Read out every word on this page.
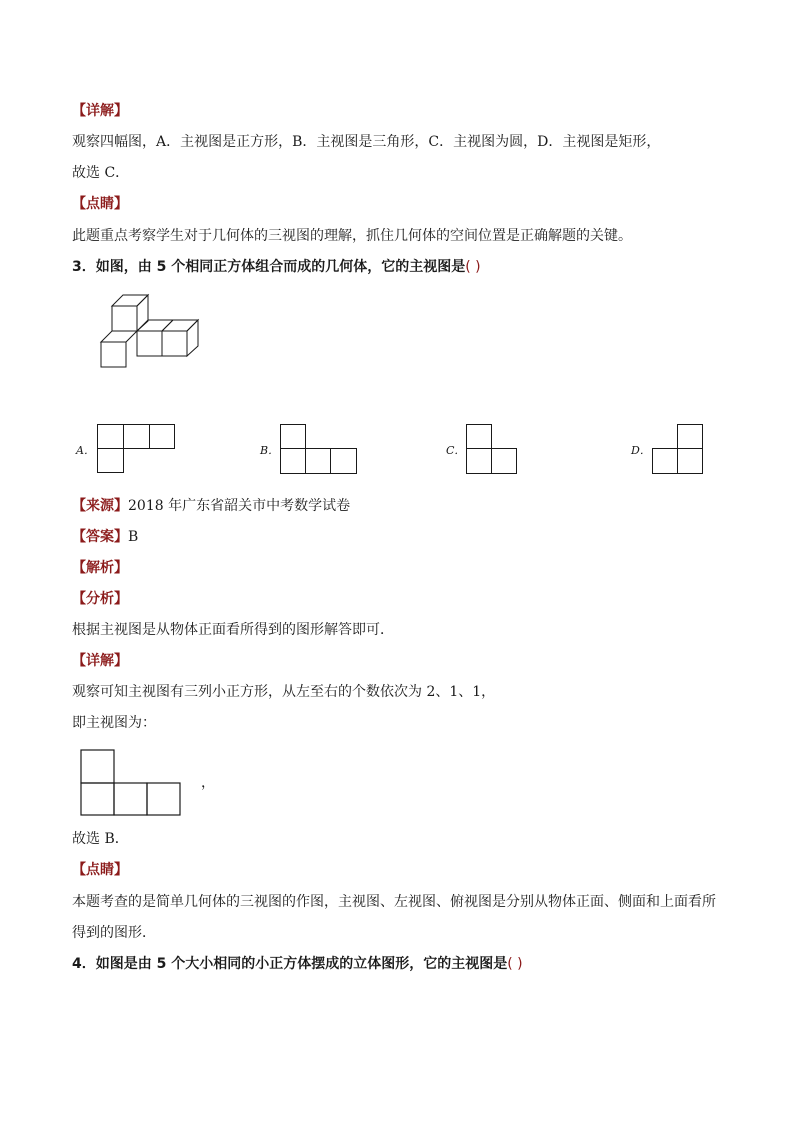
【详解】
观察四幅图，A．主视图是正方形，B．主视图是三角形，C．主视图为圆，D．主视图是矩形，
故选 C．
【点睛】
此题重点考察学生对于几何体的三视图的理解，抓住几何体的空间位置是正确解题的关键。
3．如图，由 5 个相同正方体组合而成的几何体，它的主视图是( )
A．	B．	C．	D．
【来源】2018 年广东省韶关市中考数学试卷
【答案】B
【解析】
【分析】
根据主视图是从物体正面看所得到的图形解答即可．
【详解】
观察可知主视图有三列小正方形，从左至右的个数依次为 2、1、1，
即主视图为：
，
故选 B．
【点睛】
本题考查的是简单几何体的三视图的作图，主视图、左视图、俯视图是分别从物体正面、侧面和上面看所
得到的图形．
4．如图是由 5 个大小相同的小正方体摆成的立体图形，它的主视图是( )
